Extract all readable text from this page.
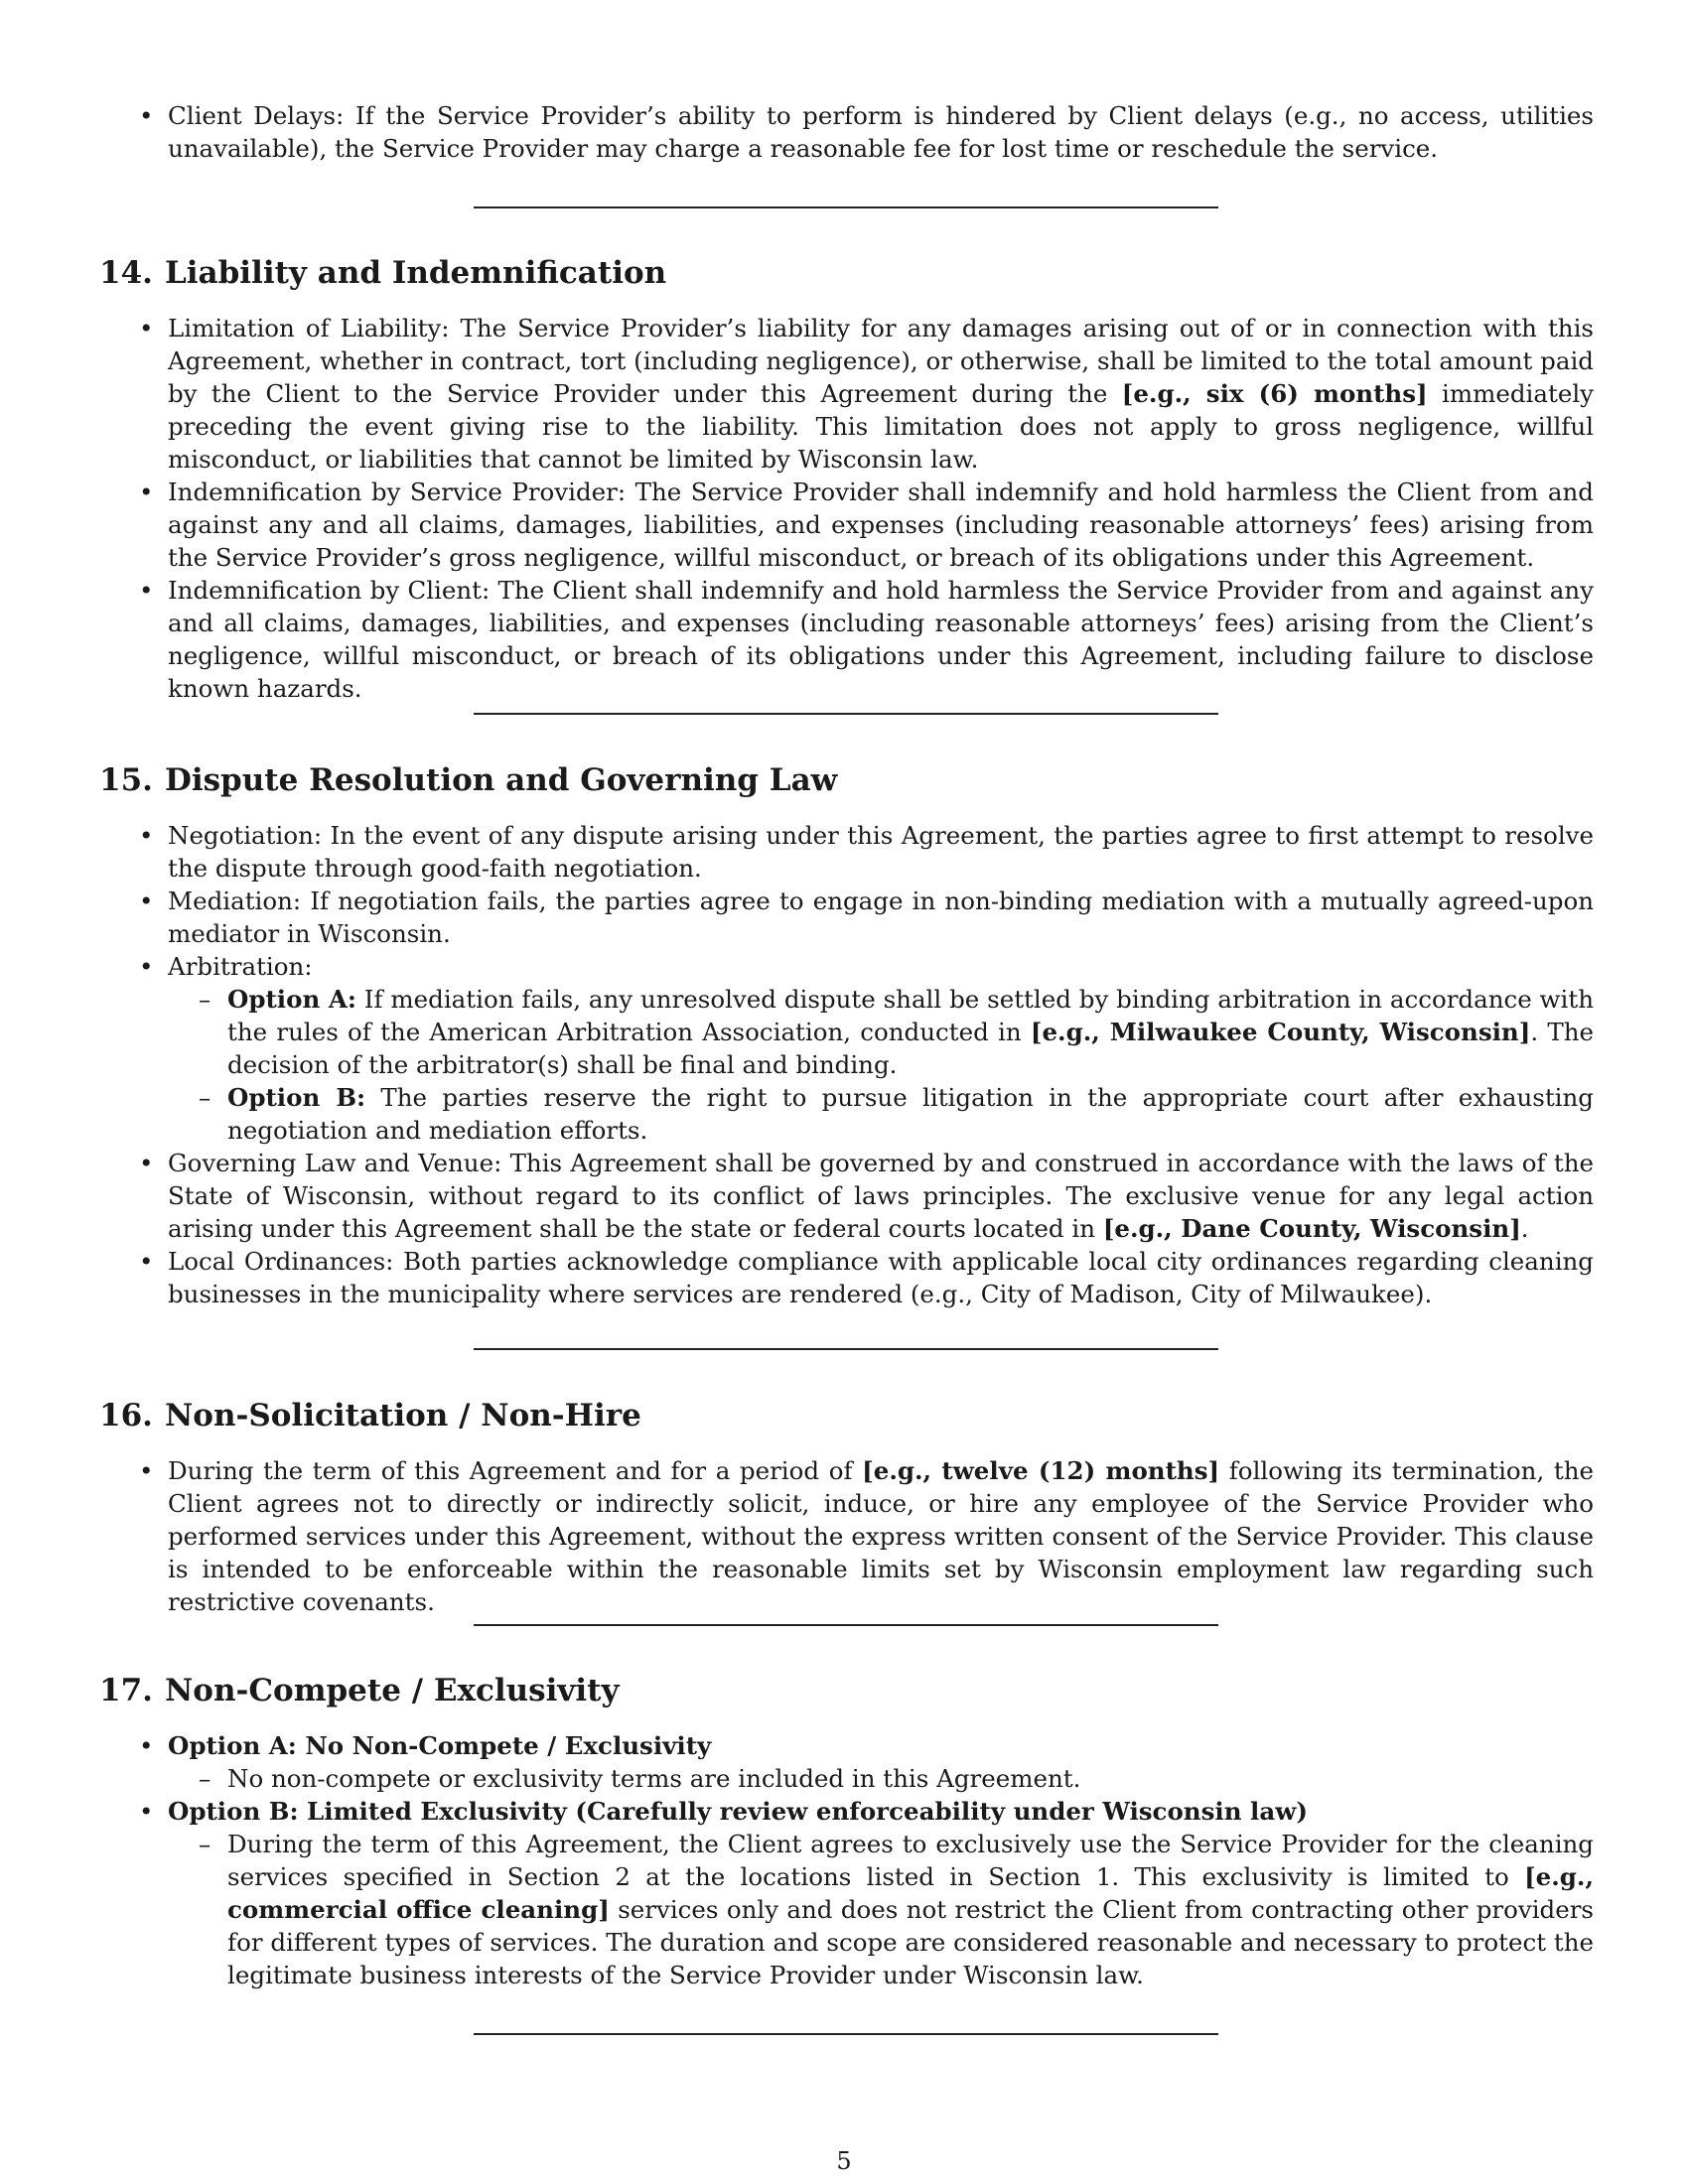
• Client Delays: If the Service Provider’s ability to perform is hindered by Client delays (e.g., no access, utilities unavailable), the Service Provider may charge a reasonable fee for lost time or reschedule the service.
14. Liability and Indemnification
• Limitation of Liability: The Service Provider’s liability for any damages arising out of or in connection with this Agreement, whether in contract, tort (including negligence), or otherwise, shall be limited to the total amount paid by the Client to the Service Provider under this Agreement during the [e.g., six (6) months] immediately preceding the event giving rise to the liability. This limitation does not apply to gross negligence, willful misconduct, or liabilities that cannot be limited by Wisconsin law.
• Indemnification by Service Provider: The Service Provider shall indemnify and hold harmless the Client from and against any and all claims, damages, liabilities, and expenses (including reasonable attorneys’ fees) arising from the Service Provider’s gross negligence, willful misconduct, or breach of its obligations under this Agreement.
• Indemnification by Client: The Client shall indemnify and hold harmless the Service Provider from and against any and all claims, damages, liabilities, and expenses (including reasonable attorneys’ fees) arising from the Client’s negligence, willful misconduct, or breach of its obligations under this Agreement, including failure to disclose known hazards.
15. Dispute Resolution and Governing Law
• Negotiation: In the event of any dispute arising under this Agreement, the parties agree to first attempt to resolve the dispute through good-faith negotiation.
• Mediation: If negotiation fails, the parties agree to engage in non-binding mediation with a mutually agreed-upon mediator in Wisconsin.
• Arbitration:
– Option A: If mediation fails, any unresolved dispute shall be settled by binding arbitration in accordance with the rules of the American Arbitration Association, conducted in [e.g., Milwaukee County, Wisconsin]. The decision of the arbitrator(s) shall be final and binding.
– Option B: The parties reserve the right to pursue litigation in the appropriate court after exhausting negotiation and mediation efforts.
• Governing Law and Venue: This Agreement shall be governed by and construed in accordance with the laws of the State of Wisconsin, without regard to its conflict of laws principles. The exclusive venue for any legal action arising under this Agreement shall be the state or federal courts located in [e.g., Dane County, Wisconsin].
• Local Ordinances: Both parties acknowledge compliance with applicable local city ordinances regarding cleaning businesses in the municipality where services are rendered (e.g., City of Madison, City of Milwaukee).
16. Non-Solicitation / Non-Hire
• During the term of this Agreement and for a period of [e.g., twelve (12) months] following its termination, the Client agrees not to directly or indirectly solicit, induce, or hire any employee of the Service Provider who performed services under this Agreement, without the express written consent of the Service Provider. This clause is intended to be enforceable within the reasonable limits set by Wisconsin employment law regarding such restrictive covenants.
17. Non-Compete / Exclusivity
• Option A: No Non-Compete / Exclusivity
– No non-compete or exclusivity terms are included in this Agreement.
• Option B: Limited Exclusivity (Carefully review enforceability under Wisconsin law)
– During the term of this Agreement, the Client agrees to exclusively use the Service Provider for the cleaning services specified in Section 2 at the locations listed in Section 1. This exclusivity is limited to [e.g., commercial office cleaning] services only and does not restrict the Client from contracting other providers for different types of services. The duration and scope are considered reasonable and necessary to protect the legitimate business interests of the Service Provider under Wisconsin law.
5
